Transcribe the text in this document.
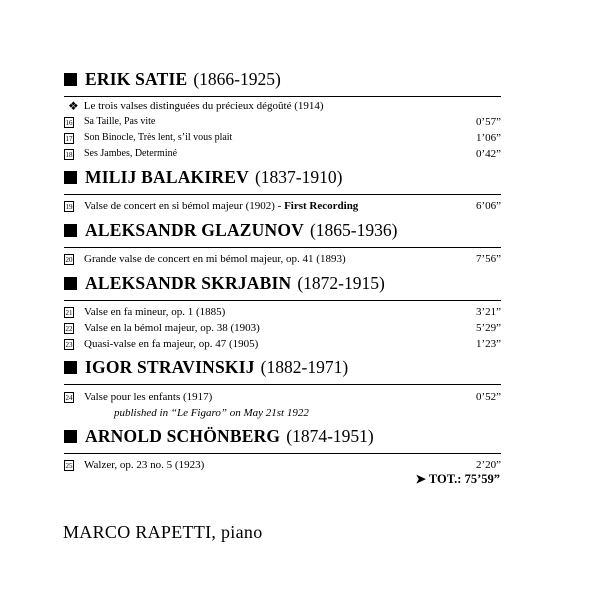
ERIK SATIE (1866-1925)
❖ Le trois valses distinguées du précieux dégoûté (1914)
16 Sa Taille, Pas vite	0’57”
17 Son Binocle, Très lent, s’il vous plait	1’06”
18 Ses Jambes, Determiné	0’42”
MILIJ BALAKIREV (1837-1910)
19 Valse de concert en si bémol majeur (1902) - First Recording	6’06”
ALEKSANDR GLAZUNOV (1865-1936)
20 Grande valse de concert en mi bémol majeur, op. 41 (1893)	7’56”
ALEKSANDR SKRJABIN (1872-1915)
21 Valse en fa mineur, op. 1 (1885)	3’21”
22 Valse en la bémol majeur, op. 38 (1903)	5’29”
23 Quasi-valse en fa majeur, op. 47 (1905)	1’23”
IGOR STRAVINSKIJ (1882-1971)
24 Valse pour les enfants (1917)	0’52”
published in “Le Figaro” on May 21st 1922
ARNOLD SCHÖNBERG (1874-1951)
25 Walzer, op. 23 no. 5 (1923)	2’20”
➤ TOT.: 75’59”
MARCO RAPETTI, piano
